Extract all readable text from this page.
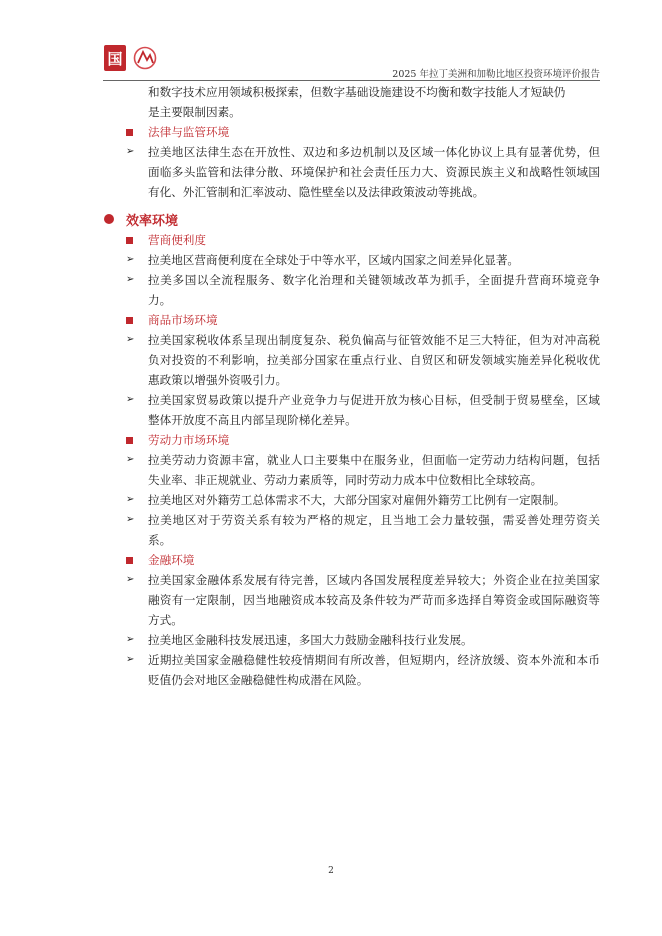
国
2025 年拉丁美洲和加勒比地区投资环境评价报告
和数字技术应用领域积极探索，但数字基础设施建设不均衡和数字技能人才短缺仍
是主要限制因素。
法律与监管环境
➢	拉美地区法律生态在开放性、双边和多边机制以及区域一体化协议上具有显著优势，但面临多头监管和法律分散、环境保护和社会责任压力大、资源民族主义和战略性领域国有化、外汇管制和汇率波动、隐性壁垒以及法律政策波动等挑战。
效率环境
营商便利度
➢	拉美地区营商便利度在全球处于中等水平，区域内国家之间差异化显著。
➢	拉美多国以全流程服务、数字化治理和关键领域改革为抓手，全面提升营商环境竞争力。
商品市场环境
➢	拉美国家税收体系呈现出制度复杂、税负偏高与征管效能不足三大特征，但为对冲高税负对投资的不利影响，拉美部分国家在重点行业、自贸区和研发领域实施差异化税收优惠政策以增强外资吸引力。
➢	拉美国家贸易政策以提升产业竞争力与促进开放为核心目标，但受制于贸易壁垒，区域整体开放度不高且内部呈现阶梯化差异。
劳动力市场环境
➢	拉美劳动力资源丰富，就业人口主要集中在服务业，但面临一定劳动力结构问题，包括失业率、非正规就业、劳动力素质等，同时劳动力成本中位数相比全球较高。
➢	拉美地区对外籍劳工总体需求不大，大部分国家对雇佣外籍劳工比例有一定限制。
➢	拉美地区对于劳资关系有较为严格的规定，且当地工会力量较强，需妥善处理劳资关系。
金融环境
➢	拉美国家金融体系发展有待完善，区域内各国发展程度差异较大；外资企业在拉美国家融资有一定限制，因当地融资成本较高及条件较为严苛而多选择自筹资金或国际融资等方式。
➢	拉美地区金融科技发展迅速，多国大力鼓励金融科技行业发展。
➢	近期拉美国家金融稳健性较疫情期间有所改善，但短期内，经济放缓、资本外流和本币贬值仍会对地区金融稳健性构成潜在风险。
2
